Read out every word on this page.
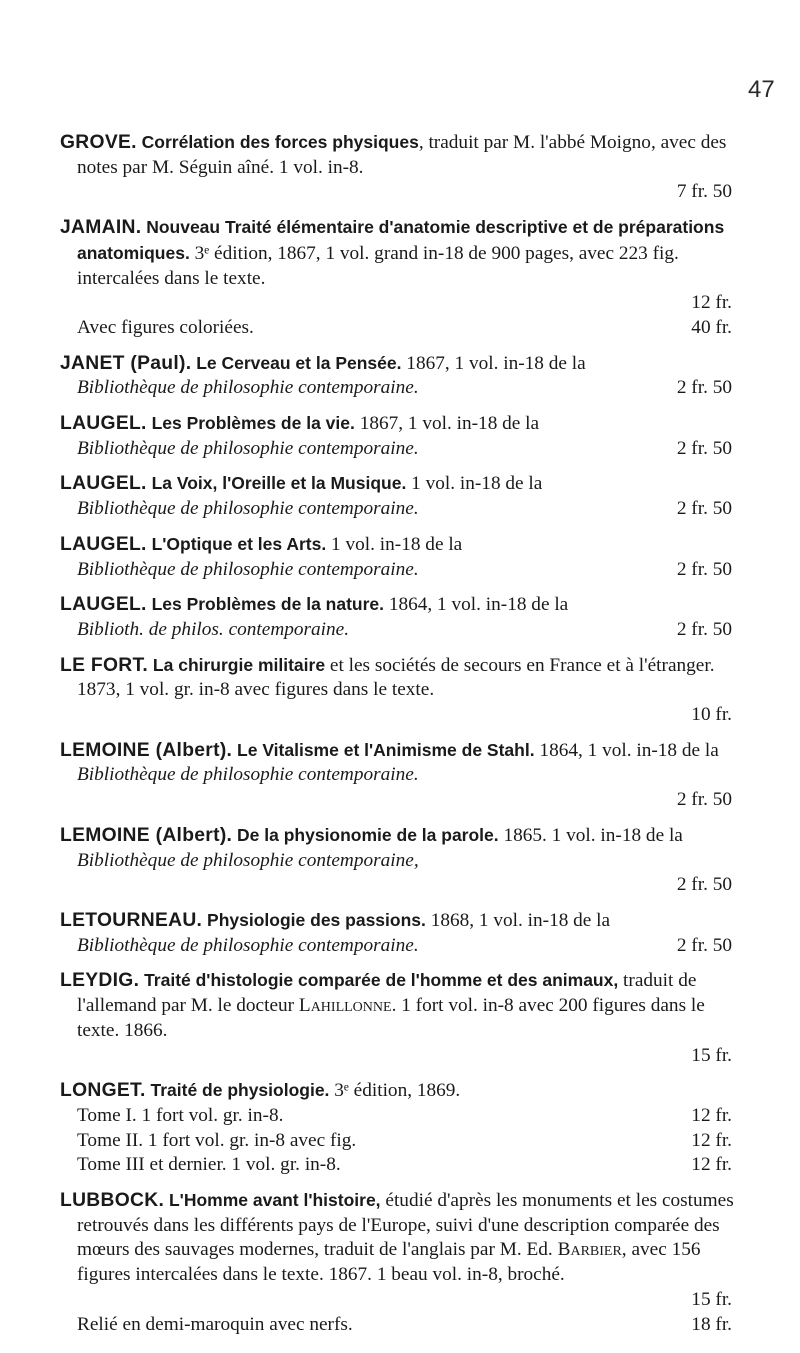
47
GROVE. Corrélation des forces physiques, traduit par M. l'abbé Moigno, avec des notes par M. Séguin aîné. 1 vol. in-8.
7 fr. 50
JAMAIN. Nouveau Traité élémentaire d'anatomie descriptive et de préparations anatomiques. 3ᵉ édition, 1867, 1 vol. grand in-18 de 900 pages, avec 223 fig. intercalées dans le texte.
12 fr.
Avec figures coloriées.	40 fr.
JANET (Paul). Le Cerveau et la Pensée. 1867, 1 vol. in-18 de la
Bibliothèque de philosophie contemporaine.	2 fr. 50
LAUGEL. Les Problèmes de la vie. 1867, 1 vol. in-18 de la
Bibliothèque de philosophie contemporaine.	2 fr. 50
LAUGEL. La Voix, l'Oreille et la Musique. 1 vol. in-18 de la
Bibliothèque de philosophie contemporaine.	2 fr. 50
LAUGEL. L'Optique et les Arts. 1 vol. in-18 de la
Bibliothèque de philosophie contemporaine.	2 fr. 50
LAUGEL. Les Problèmes de la nature. 1864, 1 vol. in-18 de la
Biblioth. de philos. contemporaine.	2 fr. 50
LE FORT. La chirurgie militaire et les sociétés de secours en France et à l'étranger. 1873, 1 vol. gr. in-8 avec figures dans le texte.
10 fr.
LEMOINE (Albert). Le Vitalisme et l'Animisme de Stahl. 1864, 1 vol. in-18 de la Bibliothèque de philosophie contemporaine.
2 fr. 50
LEMOINE (Albert). De la physionomie de la parole. 1865. 1 vol. in-18 de la Bibliothèque de philosophie contemporaine,
2 fr. 50
LETOURNEAU. Physiologie des passions. 1868, 1 vol. in-18 de la
Bibliothèque de philosophie contemporaine.	2 fr. 50
LEYDIG. Traité d'histologie comparée de l'homme et des animaux, traduit de l'allemand par M. le docteur Lahillonne. 1 fort vol. in-8 avec 200 figures dans le texte. 1866.
15 fr.
LONGET. Traité de physiologie. 3ᵉ édition, 1869.
Tome I. 1 fort vol. gr. in-8.	12 fr.
Tome II. 1 fort vol. gr. in-8 avec fig.	12 fr.
Tome III et dernier. 1 vol. gr. in-8.	12 fr.
LUBBOCK. L'Homme avant l'histoire, étudié d'après les monuments et les costumes retrouvés dans les différents pays de l'Europe, suivi d'une description comparée des mœurs des sauvages modernes, traduit de l'anglais par M. Ed. Barbier, avec 156 figures intercalées dans le texte. 1867. 1 beau vol. in-8, broché.
15 fr.
Relié en demi-maroquin avec nerfs.	18 fr.
